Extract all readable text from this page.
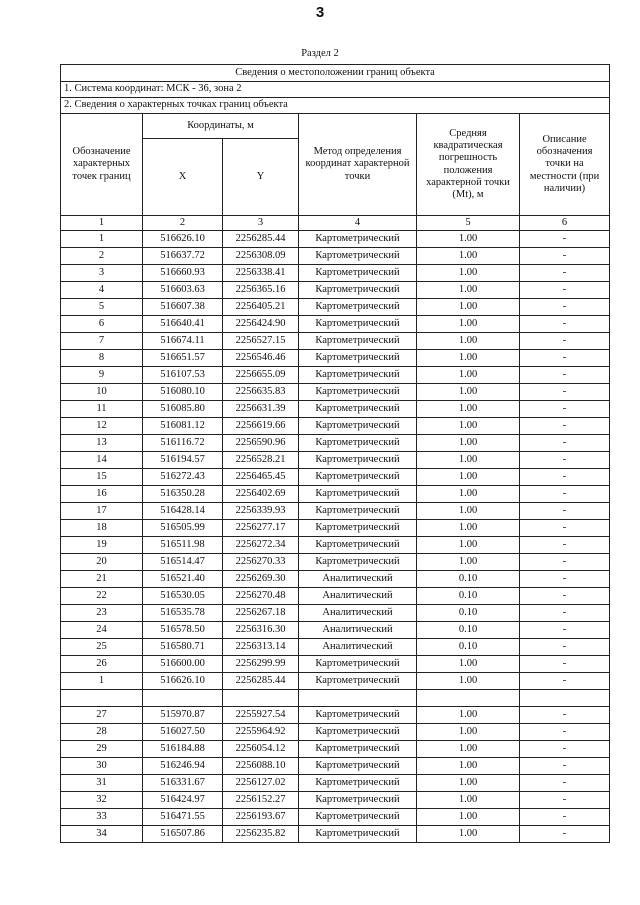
3
Раздел 2
Сведения о местоположении границ объекта					
1. Система координат: МСК - 36, зона 2					
2. Сведения о характерных точках границ объекта					
Обозначение характерных точек границ	Координаты, м		Метод определения координат характерной точки	Средняя квадратическая погрешность положения характерной точки (Mt), м	Описание обозначения точки на местности (при наличии)
	X	Y			
1	2	3	4	5	6
1	516626.10	2256285.44	Картометрический	1.00	-
2	516637.72	2256308.09	Картометрический	1.00	-
3	516660.93	2256338.41	Картометрический	1.00	-
4	516603.63	2256365.16	Картометрический	1.00	-
5	516607.38	2256405.21	Картометрический	1.00	-
6	516640.41	2256424.90	Картометрический	1.00	-
7	516674.11	2256527.15	Картометрический	1.00	-
8	516651.57	2256546.46	Картометрический	1.00	-
9	516107.53	2256655.09	Картометрический	1.00	-
10	516080.10	2256635.83	Картометрический	1.00	-
11	516085.80	2256631.39	Картометрический	1.00	-
12	516081.12	2256619.66	Картометрический	1.00	-
13	516116.72	2256590.96	Картометрический	1.00	-
14	516194.57	2256528.21	Картометрический	1.00	-
15	516272.43	2256465.45	Картометрический	1.00	-
16	516350.28	2256402.69	Картометрический	1.00	-
17	516428.14	2256339.93	Картометрический	1.00	-
18	516505.99	2256277.17	Картометрический	1.00	-
19	516511.98	2256272.34	Картометрический	1.00	-
20	516514.47	2256270.33	Картометрический	1.00	-
21	516521.40	2256269.30	Аналитический	0.10	-
22	516530.05	2256270.48	Аналитический	0.10	-
23	516535.78	2256267.18	Аналитический	0.10	-
24	516578.50	2256316.30	Аналитический	0.10	-
25	516580.71	2256313.14	Аналитический	0.10	-
26	516600.00	2256299.99	Картометрический	1.00	-
1	516626.10	2256285.44	Картометрический	1.00	-

27	515970.87	2255927.54	Картометрический	1.00	-
28	516027.50	2255964.92	Картометрический	1.00	-
29	516184.88	2256054.12	Картометрический	1.00	-
30	516246.94	2256088.10	Картометрический	1.00	-
31	516331.67	2256127.02	Картометрический	1.00	-
32	516424.97	2256152.27	Картометрический	1.00	-
33	516471.55	2256193.67	Картометрический	1.00	-
34	516507.86	2256235.82	Картометрический	1.00	-
